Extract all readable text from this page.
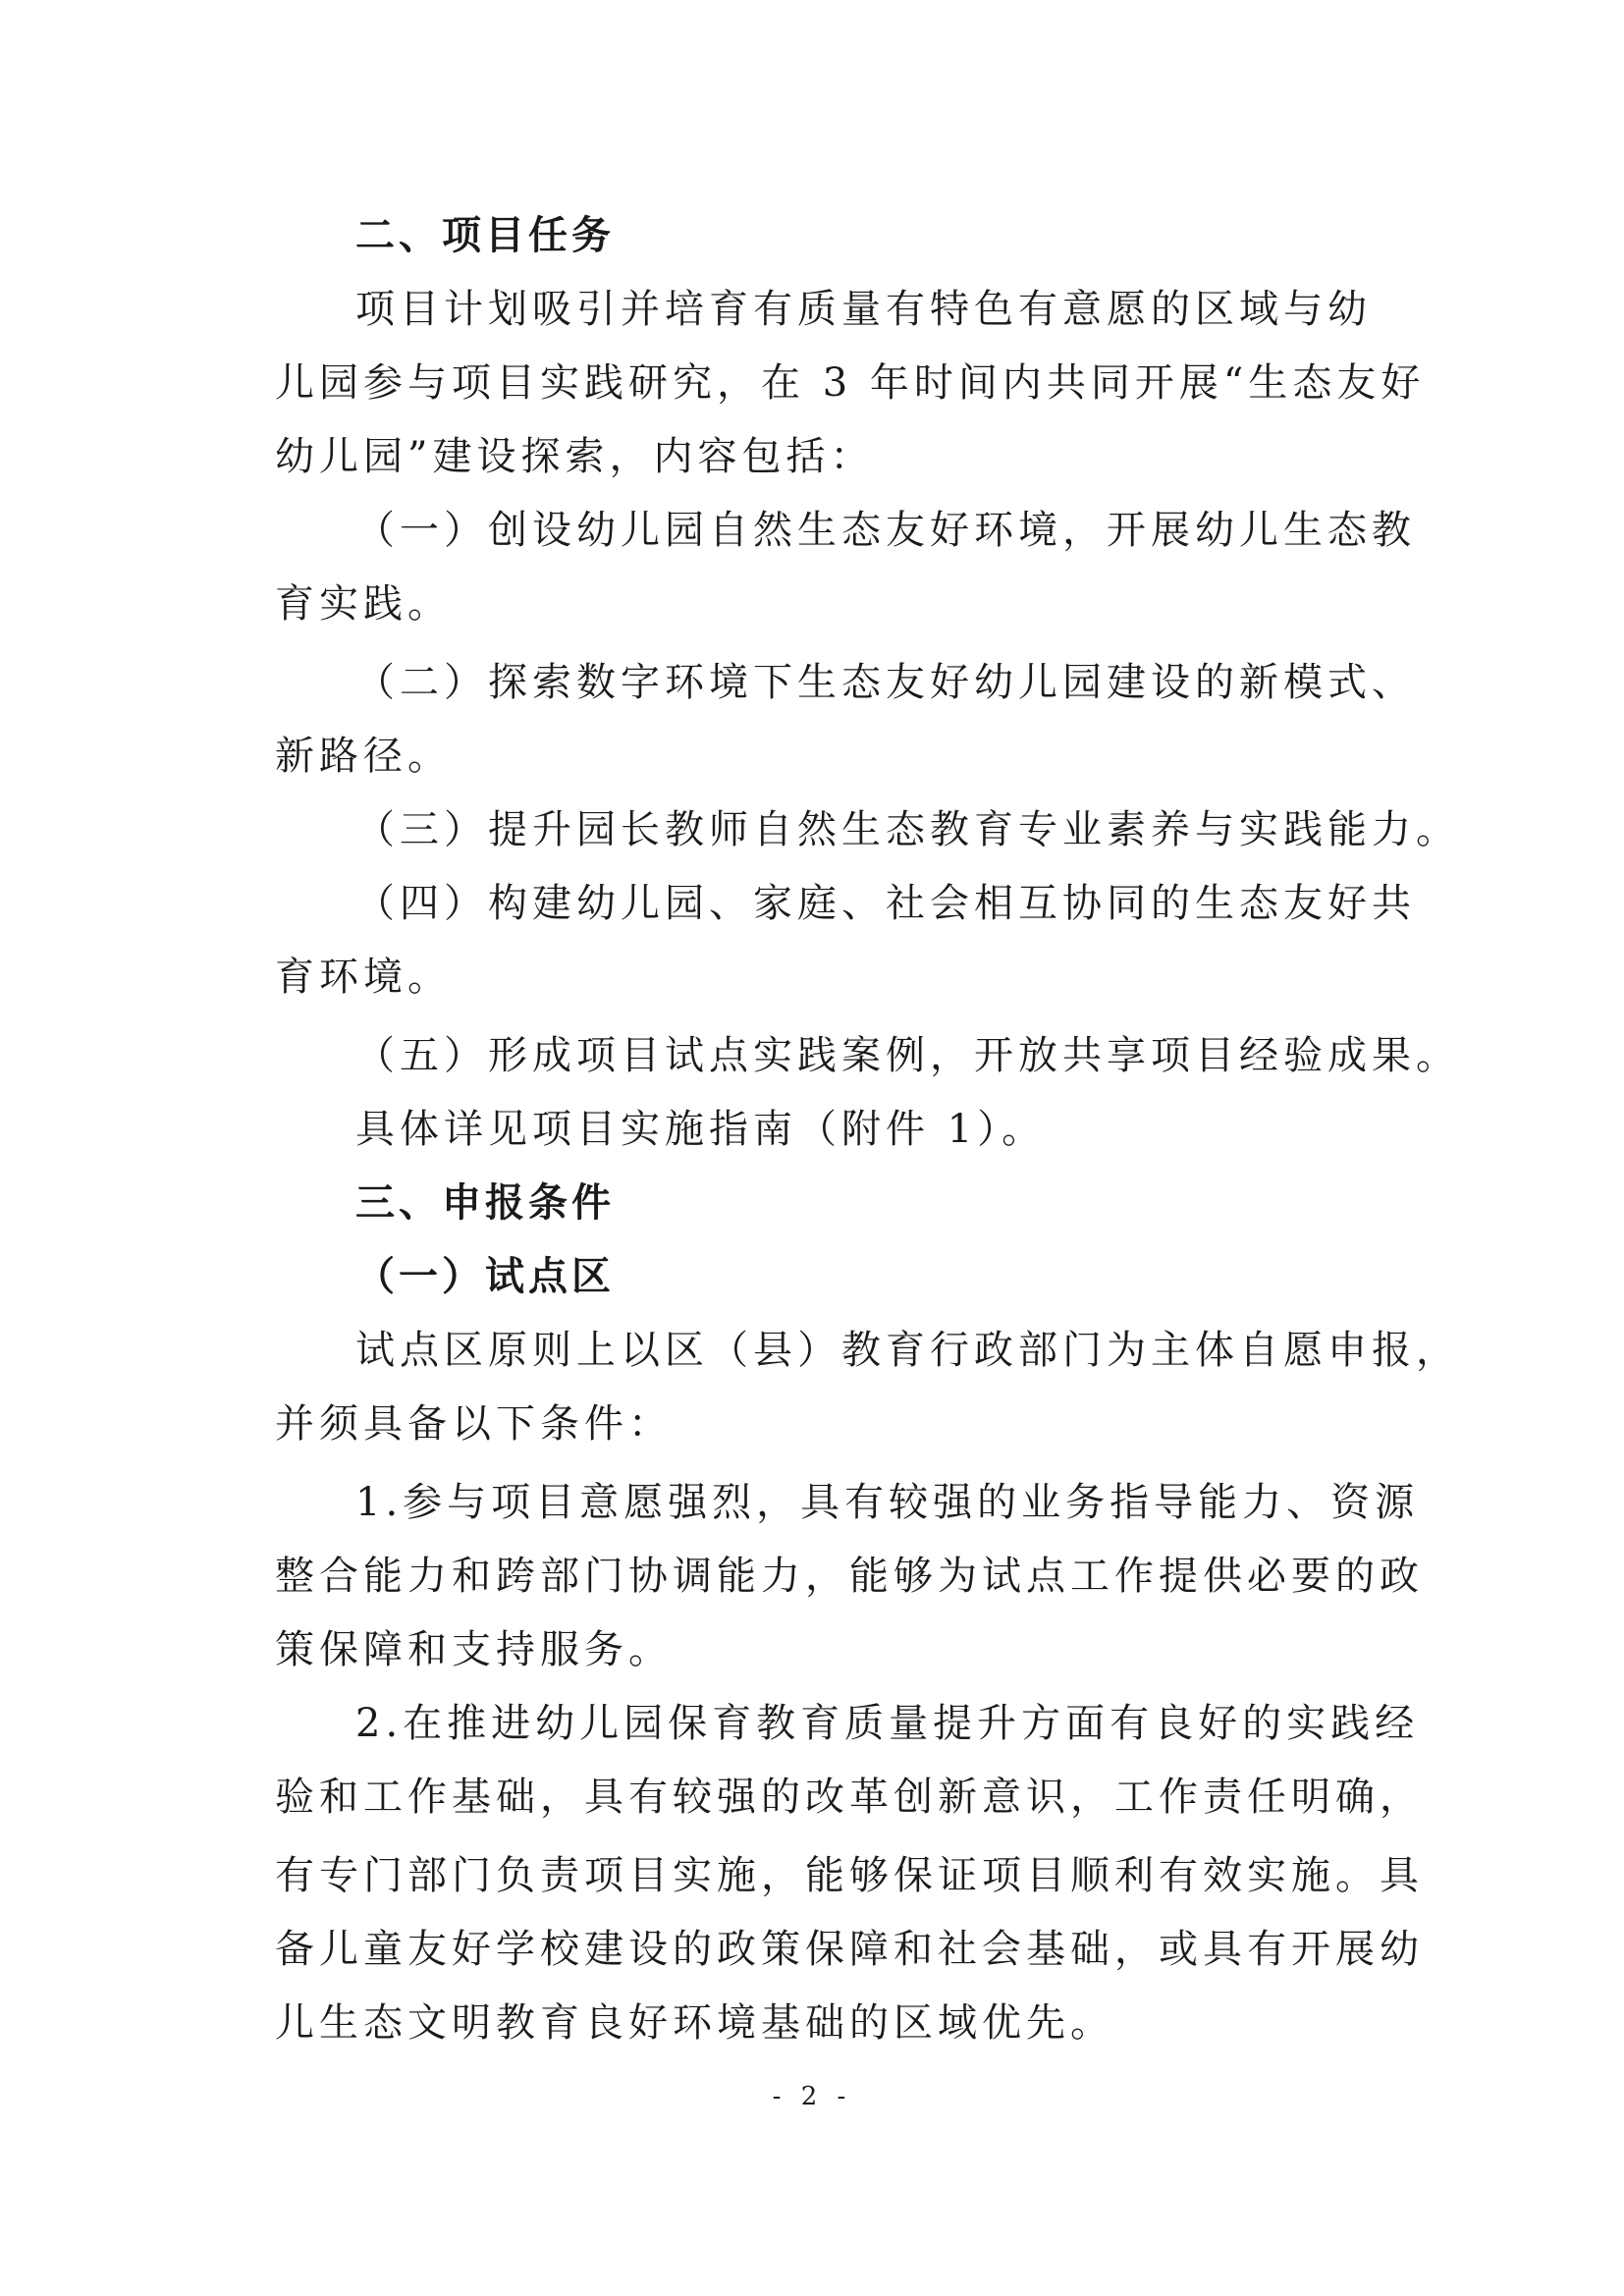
二、项目任务
项目计划吸引并培育有质量有特色有意愿的区域与幼
儿园参与项目实践研究，在 3 年时间内共同开展“生态友好
幼儿园”建设探索，内容包括：
（一）创设幼儿园自然生态友好环境，开展幼儿生态教
育实践。
（二）探索数字环境下生态友好幼儿园建设的新模式、
新路径。
（三）提升园长教师自然生态教育专业素养与实践能力。
（四）构建幼儿园、家庭、社会相互协同的生态友好共
育环境。
（五）形成项目试点实践案例，开放共享项目经验成果。
具体详见项目实施指南（附件 1）。
三、申报条件
（一）试点区
试点区原则上以区（县）教育行政部门为主体自愿申报，
并须具备以下条件：
1.参与项目意愿强烈，具有较强的业务指导能力、资源
整合能力和跨部门协调能力，能够为试点工作提供必要的政
策保障和支持服务。
2.在推进幼儿园保育教育质量提升方面有良好的实践经
验和工作基础，具有较强的改革创新意识，工作责任明确，
有专门部门负责项目实施，能够保证项目顺利有效实施。具
备儿童友好学校建设的政策保障和社会基础，或具有开展幼
儿生态文明教育良好环境基础的区域优先。
- 2 -
